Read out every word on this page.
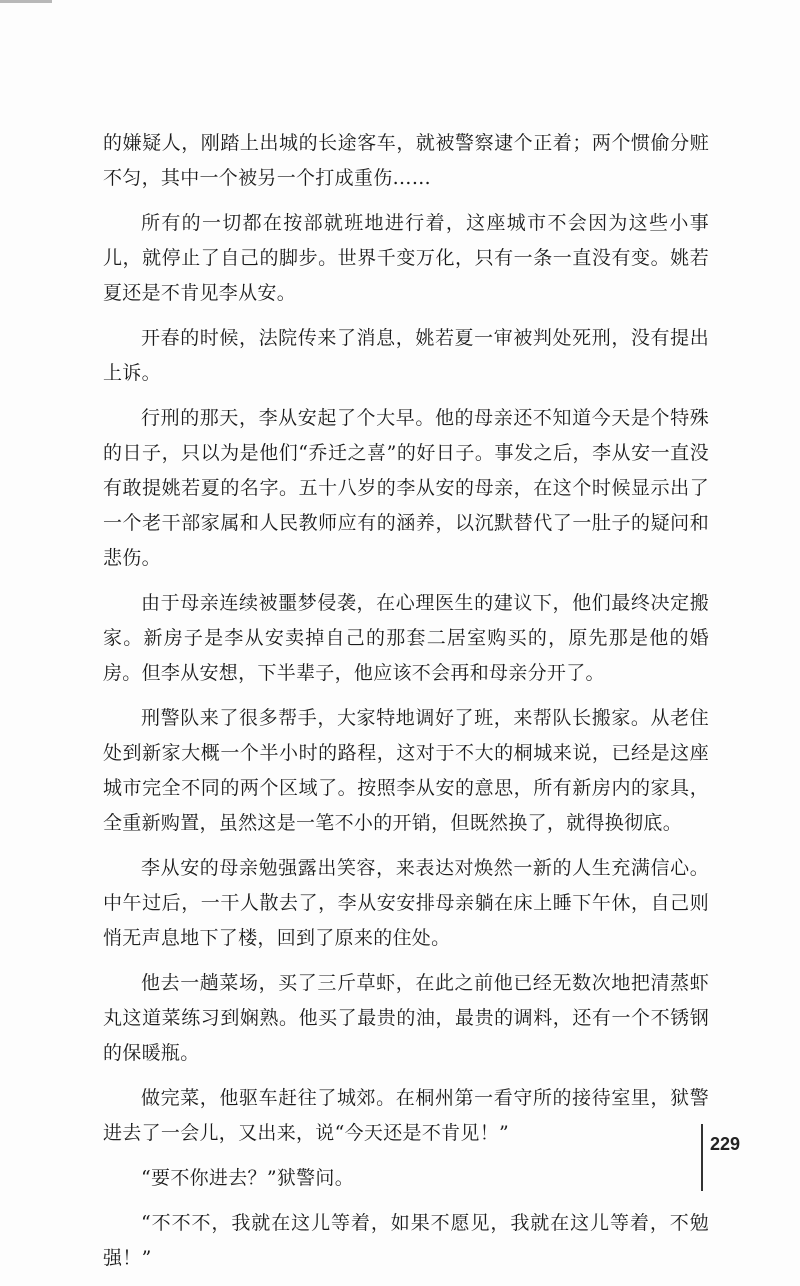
的嫌疑人，刚踏上出城的长途客车，就被警察逮个正着；两个惯偷分赃不匀，其中一个被另一个打成重伤……

所有的一切都在按部就班地进行着，这座城市不会因为这些小事儿，就停止了自己的脚步。世界千变万化，只有一条一直没有变。姚若夏还是不肯见李从安。

开春的时候，法院传来了消息，姚若夏一审被判处死刑，没有提出上诉。

行刑的那天，李从安起了个大早。他的母亲还不知道今天是个特殊的日子，只以为是他们“乔迁之喜”的好日子。事发之后，李从安一直没有敢提姚若夏的名字。五十八岁的李从安的母亲，在这个时候显示出了一个老干部家属和人民教师应有的涵养，以沉默替代了一肚子的疑问和悲伤。

由于母亲连续被噩梦侵袭，在心理医生的建议下，他们最终决定搬家。新房子是李从安卖掉自己的那套二居室购买的，原先那是他的婚房。但李从安想，下半辈子，他应该不会再和母亲分开了。

刑警队来了很多帮手，大家特地调好了班，来帮队长搬家。从老住处到新家大概一个半小时的路程，这对于不大的桐城来说，已经是这座城市完全不同的两个区域了。按照李从安的意思，所有新房内的家具，全重新购置，虽然这是一笔不小的开销，但既然换了，就得换彻底。

李从安的母亲勉强露出笑容，来表达对焕然一新的人生充满信心。中午过后，一干人散去了，李从安安排母亲躺在床上睡下午休，自己则悄无声息地下了楼，回到了原来的住处。

他去一趟菜场，买了三斤草虾，在此之前他已经无数次地把清蒸虾丸这道菜练习到娴熟。他买了最贵的油，最贵的调料，还有一个不锈钢的保暖瓶。

做完菜，他驱车赶往了城郊。在桐州第一看守所的接待室里，狱警进去了一会儿，又出来，说“今天还是不肯见！”

“要不你进去？”狱警问。

“不不不，我就在这儿等着，如果不愿见，我就在这儿等着，不勉强！”

229
